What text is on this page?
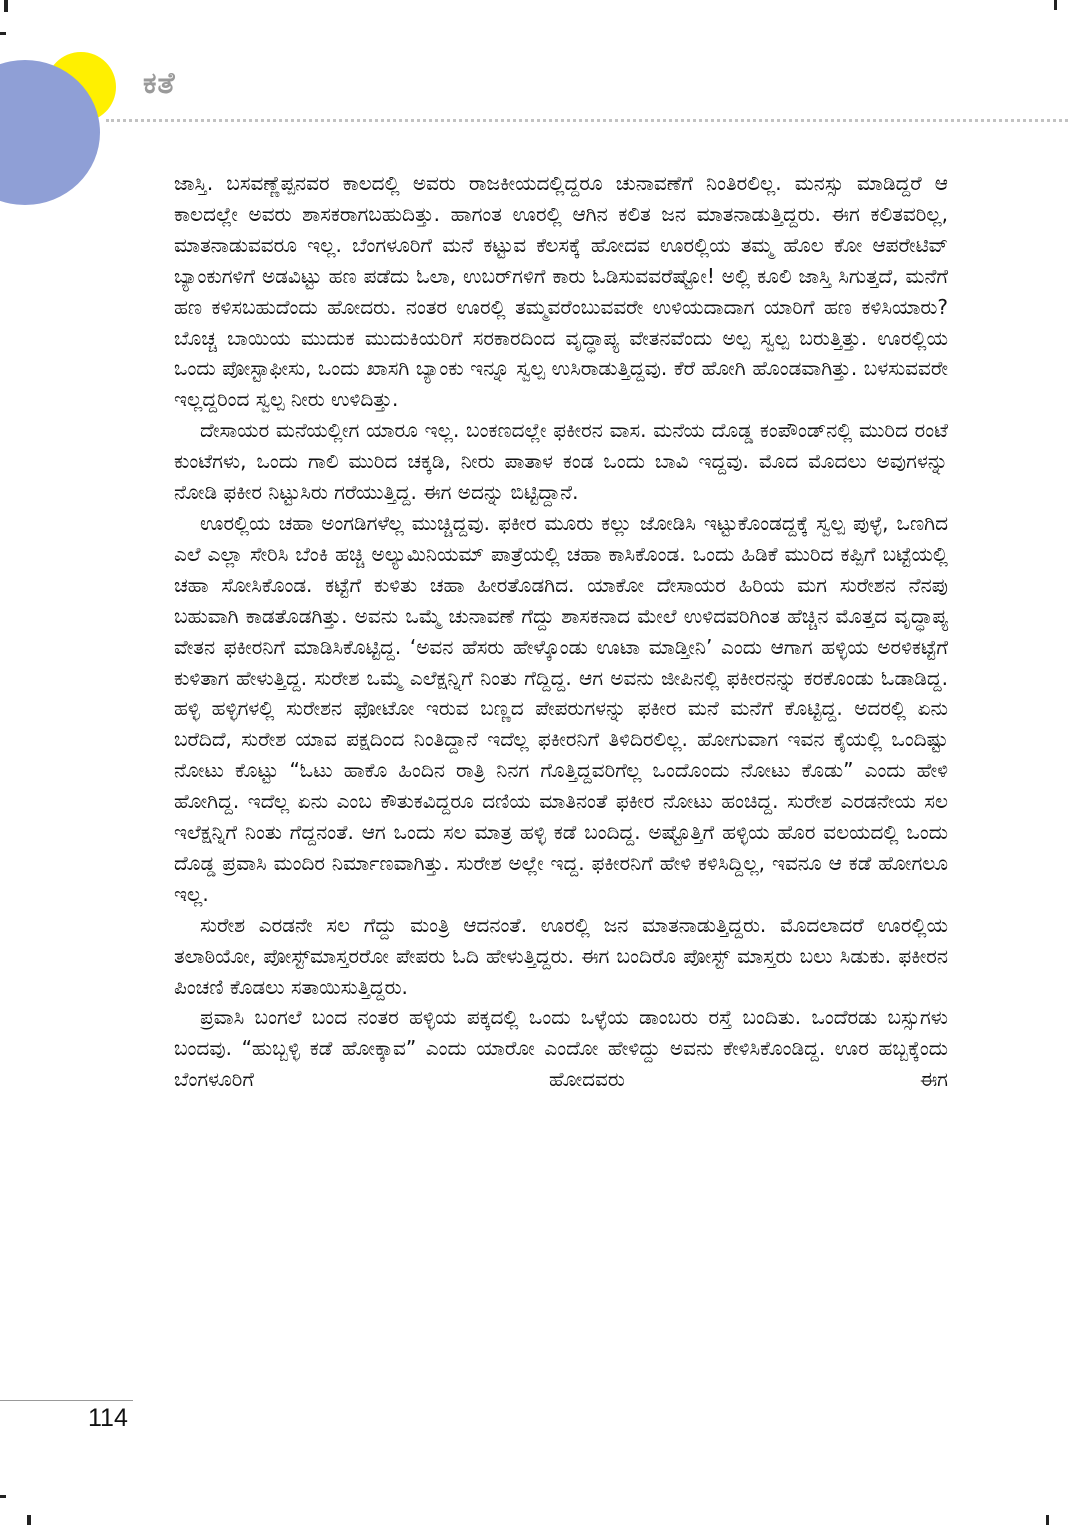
ಕತೆ

ಜಾಸ್ತಿ. ಬಸವಣ್ಣೆಪ್ಪನವರ ಕಾಲದಲ್ಲಿ ಅವರು ರಾಜಕೀಯದಲ್ಲಿದ್ದರೂ ಚುನಾವಣೆಗೆ ನಿಂತಿರಲಿಲ್ಲ. ಮನಸ್ಸು ಮಾಡಿದ್ದರೆ ಆ ಕಾಲದಲ್ಲೇ ಅವರು ಶಾಸಕರಾಗಬಹುದಿತ್ತು. ಹಾಗಂತ ಊರಲ್ಲಿ ಆಗಿನ ಕಲಿತ ಜನ ಮಾತನಾಡುತ್ತಿದ್ದರು. ಈಗ ಕಲಿತವರಿಲ್ಲ, ಮಾತನಾಡುವವರೂ ಇಲ್ಲ. ಬೆಂಗಳೂರಿಗೆ ಮನೆ ಕಟ್ಟುವ ಕೆಲಸಕ್ಕೆ ಹೋದವ ಊರಲ್ಲಿಯ ತಮ್ಮ ಹೊಲ ಕೋ ಆಪರೇಟಿವ್ ಬ್ಯಾಂಕುಗಳಿಗೆ ಅಡವಿಟ್ಟು ಹಣ ಪಡೆದು ಓಲಾ, ಉಬರ್‌ಗಳಿಗೆ ಕಾರು ಓಡಿಸುವವರೆಷ್ಟೋ! ಅಲ್ಲಿ ಕೂಲಿ ಜಾಸ್ತಿ ಸಿಗುತ್ತದೆ, ಮನೆಗೆ ಹಣ ಕಳಿಸಬಹುದೆಂದು ಹೋದರು. ನಂತರ ಊರಲ್ಲಿ ತಮ್ಮವರೆಂಬುವವರೇ ಉಳಿಯದಾದಾಗ ಯಾರಿಗೆ ಹಣ ಕಳಿಸಿಯಾರು? ಬೊಚ್ಚ ಬಾಯಿಯ ಮುದುಕ ಮುದುಕಿಯರಿಗೆ ಸರಕಾರದಿಂದ ವೃದ್ಧಾಪ್ಯ ವೇತನವೆಂದು ಅಲ್ಪ ಸ್ವಲ್ಪ ಬರುತ್ತಿತ್ತು. ಊರಲ್ಲಿಯ ಒಂದು ಪೋಸ್ಟಾಫೀಸು, ಒಂದು ಖಾಸಗಿ ಬ್ಯಾಂಕು ಇನ್ನೂ ಸ್ವಲ್ಪ ಉಸಿರಾಡುತ್ತಿದ್ದವು. ಕೆರೆ ಹೋಗಿ ಹೊಂಡವಾಗಿತ್ತು. ಬಳಸುವವರೇ ಇಲ್ಲದ್ದರಿಂದ ಸ್ವಲ್ಪ ನೀರು ಉಳಿದಿತ್ತು.

ದೇಸಾಯರ ಮನೆಯಲ್ಲೀಗ ಯಾರೂ ಇಲ್ಲ. ಬಂಕಣದಲ್ಲೇ ಫಕೀರನ ವಾಸ. ಮನೆಯ ದೊಡ್ಡ ಕಂಪೌಂಡ್‌ನಲ್ಲಿ ಮುರಿದ ರಂಟೆ ಕುಂಟೆಗಳು, ಒಂದು ಗಾಲಿ ಮುರಿದ ಚಕ್ಕಡಿ, ನೀರು ಪಾತಾಳ ಕಂಡ ಒಂದು ಬಾವಿ ಇದ್ದವು. ಮೊದ ಮೊದಲು ಅವುಗಳನ್ನು ನೋಡಿ ಫಕೀರ ನಿಟ್ಟುಸಿರು ಗರೆಯುತ್ತಿದ್ದ. ಈಗ ಅದನ್ನು ಬಿಟ್ಟಿದ್ದಾನೆ.

ಊರಲ್ಲಿಯ ಚಹಾ ಅಂಗಡಿಗಳೆಲ್ಲ ಮುಚ್ಚಿದ್ದವು. ಫಕೀರ ಮೂರು ಕಲ್ಲು ಜೋಡಿಸಿ ಇಟ್ಟುಕೊಂಡದ್ದಕ್ಕೆ ಸ್ವಲ್ಪ ಪುಳ್ಳೆ, ಒಣಗಿದ ಎಲೆ ಎಲ್ಲಾ ಸೇರಿಸಿ ಬೆಂಕಿ ಹಚ್ಚಿ ಅಲ್ಯುಮಿನಿಯಮ್ ಪಾತ್ರೆಯಲ್ಲಿ ಚಹಾ ಕಾಸಿಕೊಂಡ. ಒಂದು ಹಿಡಿಕೆ ಮುರಿದ ಕಪ್ಪಿಗೆ ಬಟ್ಟೆಯಲ್ಲಿ ಚಹಾ ಸೋಸಿಕೊಂಡ. ಕಟ್ಟೆಗೆ ಕುಳಿತು ಚಹಾ ಹೀರತೊಡಗಿದ. ಯಾಕೋ ದೇಸಾಯರ ಹಿರಿಯ ಮಗ ಸುರೇಶನ ನೆನಪು ಬಹುವಾಗಿ ಕಾಡತೊಡಗಿತ್ತು. ಅವನು ಒಮ್ಮೆ ಚುನಾವಣೆ ಗೆದ್ದು ಶಾಸಕನಾದ ಮೇಲೆ ಉಳಿದವರಿಗಿಂತ ಹೆಚ್ಚಿನ ಮೊತ್ತದ ವೃದ್ಧಾಪ್ಯ ವೇತನ ಫಕೀರನಿಗೆ ಮಾಡಿಸಿಕೊಟ್ಟಿದ್ದ. ‘ಅವನ ಹೆಸರು ಹೇಳ್ಕೊಂಡು ಊಟಾ ಮಾಡ್ತೀನಿ’ ಎಂದು ಆಗಾಗ ಹಳ್ಳಿಯ ಅರಳಿಕಟ್ಟೆಗೆ ಕುಳಿತಾಗ ಹೇಳುತ್ತಿದ್ದ. ಸುರೇಶ ಒಮ್ಮೆ ಎಲೆಕ್ಷನ್ನಿಗೆ ನಿಂತು ಗೆದ್ದಿದ್ದ. ಆಗ ಅವನು ಜೀಪಿನಲ್ಲಿ ಫಕೀರನನ್ನು ಕರಕೊಂಡು ಓಡಾಡಿದ್ದ. ಹಳ್ಳಿ ಹಳ್ಳಿಗಳಲ್ಲಿ ಸುರೇಶನ ಫೋಟೋ ಇರುವ ಬಣ್ಣದ ಪೇಪರುಗಳನ್ನು ಫಕೀರ ಮನೆ ಮನೆಗೆ ಕೊಟ್ಟಿದ್ದ. ಅದರಲ್ಲಿ ಏನು ಬರೆದಿದೆ, ಸುರೇಶ ಯಾವ ಪಕ್ಷದಿಂದ ನಿಂತಿದ್ದಾನೆ ಇದೆಲ್ಲ ಫಕೀರನಿಗೆ ತಿಳಿದಿರಲಿಲ್ಲ. ಹೋಗುವಾಗ ಇವನ ಕೈಯಲ್ಲಿ ಒಂದಿಷ್ಟು ನೋಟು ಕೊಟ್ಟು “ಓಟು ಹಾಕೊ ಹಿಂದಿನ ರಾತ್ರಿ ನಿನಗ ಗೊತ್ತಿದ್ದವರಿಗೆಲ್ಲ ಒಂದೊಂದು ನೋಟು ಕೊಡು” ಎಂದು ಹೇಳಿ ಹೋಗಿದ್ದ. ಇದೆಲ್ಲ ಏನು ಎಂಬ ಕೌತುಕವಿದ್ದರೂ ದಣಿಯ ಮಾತಿನಂತೆ ಫಕೀರ ನೋಟು ಹಂಚಿದ್ದ. ಸುರೇಶ ಎರಡನೇಯ ಸಲ ಇಲೆಕ್ಷನ್ನಿಗೆ ನಿಂತು ಗೆದ್ದನಂತೆ. ಆಗ ಒಂದು ಸಲ ಮಾತ್ರ ಹಳ್ಳಿ ಕಡೆ ಬಂದಿದ್ದ. ಅಷ್ಟೊತ್ತಿಗೆ ಹಳ್ಳಿಯ ಹೊರ ವಲಯದಲ್ಲಿ ಒಂದು ದೊಡ್ಡ ಪ್ರವಾಸಿ ಮಂದಿರ ನಿರ್ಮಾಣವಾಗಿತ್ತು. ಸುರೇಶ ಅಲ್ಲೇ ಇದ್ದ. ಫಕೀರನಿಗೆ ಹೇಳಿ ಕಳಿಸಿದ್ದಿಲ್ಲ, ಇವನೂ ಆ ಕಡೆ ಹೋಗಲೂ ಇಲ್ಲ.

ಸುರೇಶ ಎರಡನೇ ಸಲ ಗೆದ್ದು ಮಂತ್ರಿ ಆದನಂತೆ. ಊರಲ್ಲಿ ಜನ ಮಾತನಾಡುತ್ತಿದ್ದರು. ಮೊದಲಾದರೆ ಊರಲ್ಲಿಯ ತಲಾಠಿಯೋ, ಪೋಸ್ಟ್‌ಮಾಸ್ತರರೋ ಪೇಪರು ಓದಿ ಹೇಳುತ್ತಿದ್ದರು. ಈಗ ಬಂದಿರೊ ಪೋಸ್ಟ್ ಮಾಸ್ತರು ಬಲು ಸಿಡುಕು. ಫಕೀರನ ಪಿಂಚಣಿ ಕೊಡಲು ಸತಾಯಿಸುತ್ತಿದ್ದರು.

ಪ್ರವಾಸಿ ಬಂಗಲೆ ಬಂದ ನಂತರ ಹಳ್ಳಿಯ ಪಕ್ಕದಲ್ಲಿ ಒಂದು ಒಳ್ಳೆಯ ಡಾಂಬರು ರಸ್ತೆ ಬಂದಿತು. ಒಂದೆರಡು ಬಸ್ಸುಗಳು ಬಂದವು. “ಹುಬ್ಬಳ್ಳಿ ಕಡೆ ಹೋಕ್ಕಾವ” ಎಂದು ಯಾರೋ ಎಂದೋ ಹೇಳಿದ್ದು ಅವನು ಕೇಳಿಸಿಕೊಂಡಿದ್ದ. ಊರ ಹಬ್ಬಕ್ಕೆಂದು ಬೆಂಗಳೂರಿಗೆ ಹೋದವರು ಈಗ

114
